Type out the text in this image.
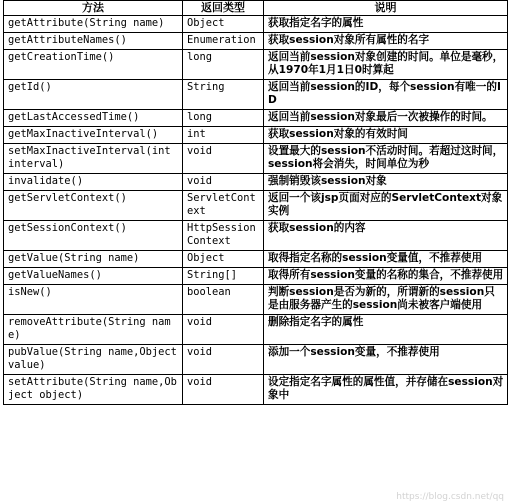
方法	返回类型	说明
getAttribute(String name)	Object	获取指定名字的属性
getAttributeNames()	Enumeration	获取session对象所有属性的名字
getCreationTime()	long	返回当前session对象创建的时间。单位是毫秒，从1970年1月1日0时算起
getId()	String	返回当前session的ID，每个session有唯一的ID
getLastAccessedTime()	long	返回当前session对象最后一次被操作的时间。
getMaxInactiveInterval()	int	获取session对象的有效时间
setMaxInactiveInterval(int interval)	void	设置最大的session不活动时间。若超过这时间，session将会消失，时间单位为秒
invalidate()	void	强制销毁该session对象
getServletContext()	ServletContext	返回一个该jsp页面对应的ServletContext对象实例
getSessionContext()	HttpSessionContext	获取session的内容
getValue(String name)	Object	取得指定名称的session变量值，不推荐使用
getValueNames()	String[]	取得所有session变量的名称的集合，不推荐使用
isNew()	boolean	判断session是否为新的，所谓新的session只是由服务器产生的session尚未被客户端使用
removeAttribute(String name)	void	删除指定名字的属性
pubValue(String name,Object value)	void	添加一个session变量，不推荐使用
setAttribute(String name,Object object)	void	设定指定名字属性的属性值，并存储在session对象中
https://blog.csdn.net/qq
